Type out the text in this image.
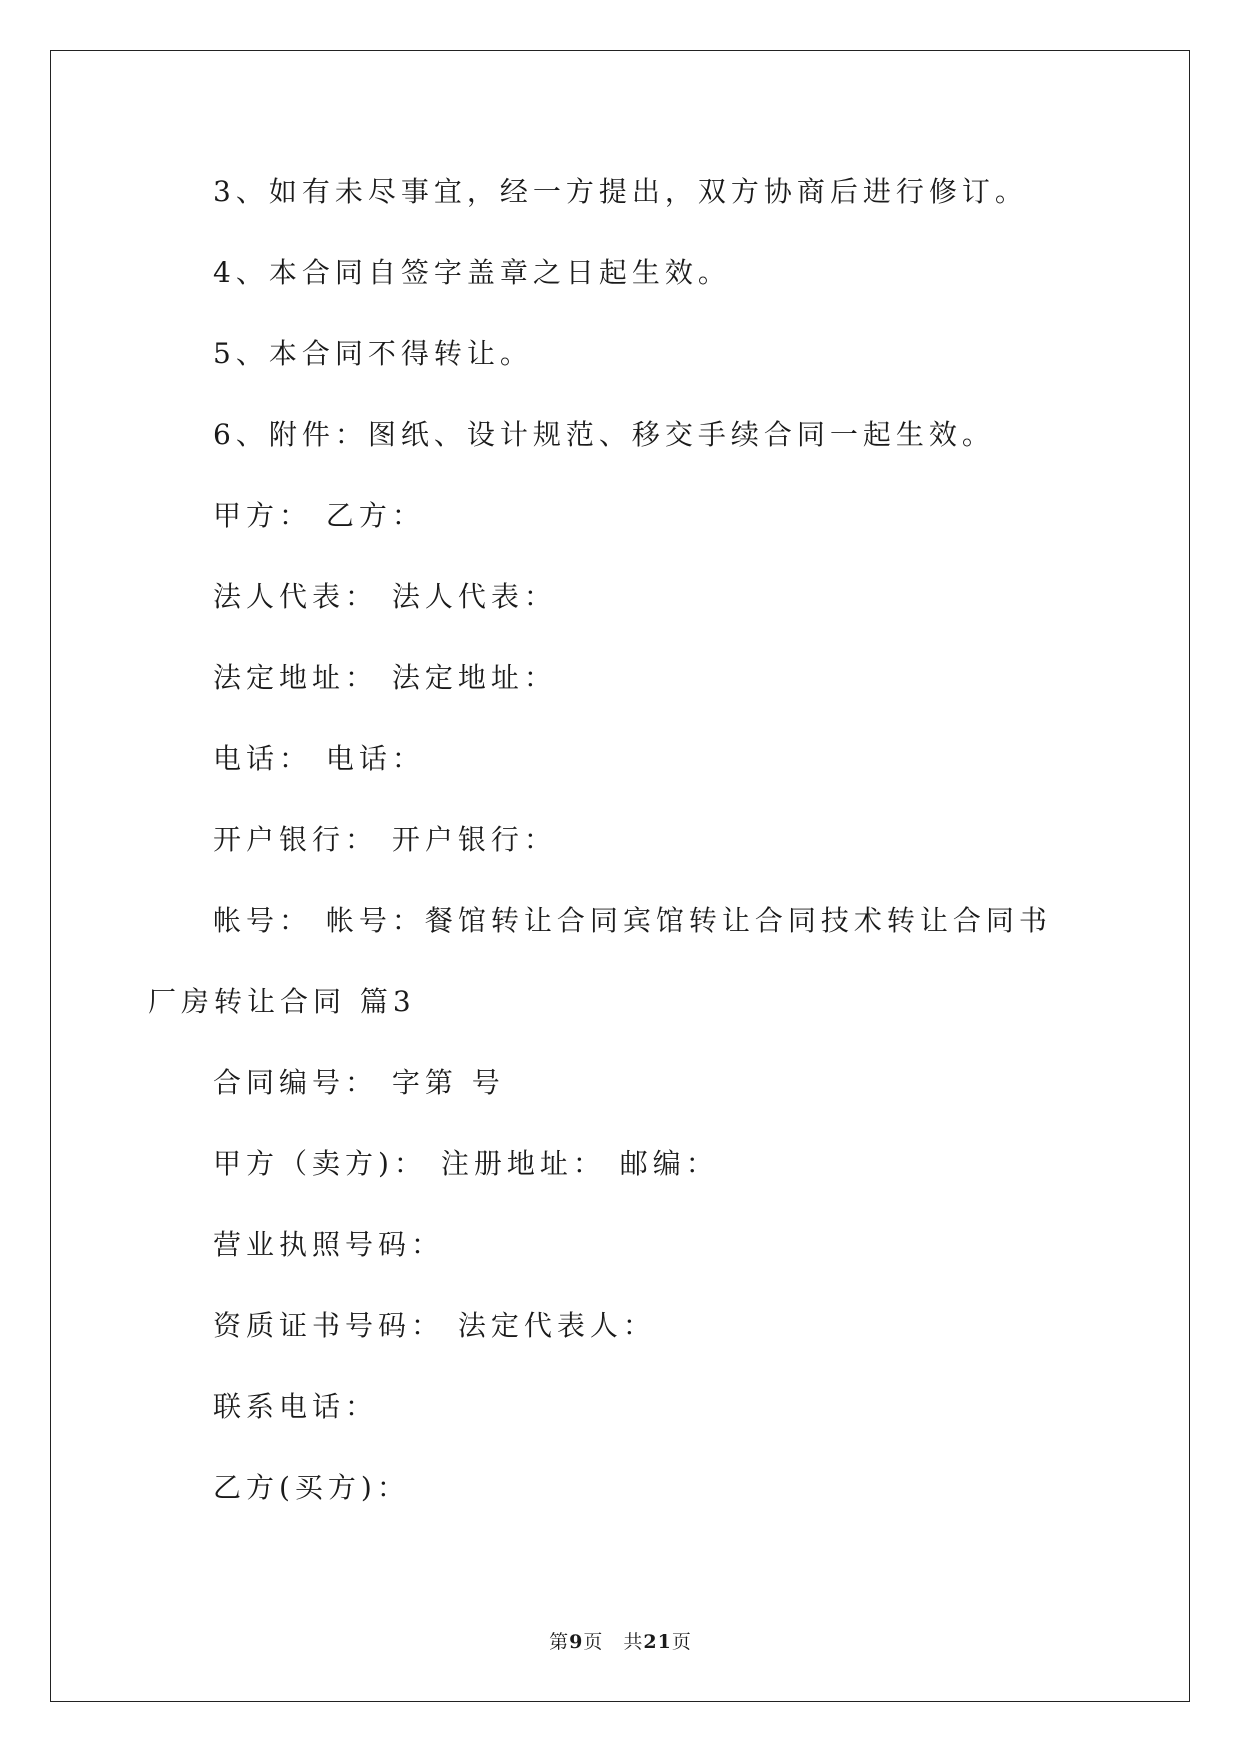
3、如有未尽事宜，经一方提出，双方协商后进行修订。
4、本合同自签字盖章之日起生效。
5、本合同不得转让。
6、附件：图纸、设计规范、移交手续合同一起生效。
甲方： 乙方：
法人代表： 法人代表：
法定地址： 法定地址：
电话： 电话：
开户银行： 开户银行：
帐号： 帐号：餐馆转让合同宾馆转让合同技术转让合同书
厂房转让合同 篇3
合同编号： 字第 号
甲方（卖方)： 注册地址： 邮编：
营业执照号码：
资质证书号码： 法定代表人：
联系电话：
乙方(买方)：
第9页　共21页
